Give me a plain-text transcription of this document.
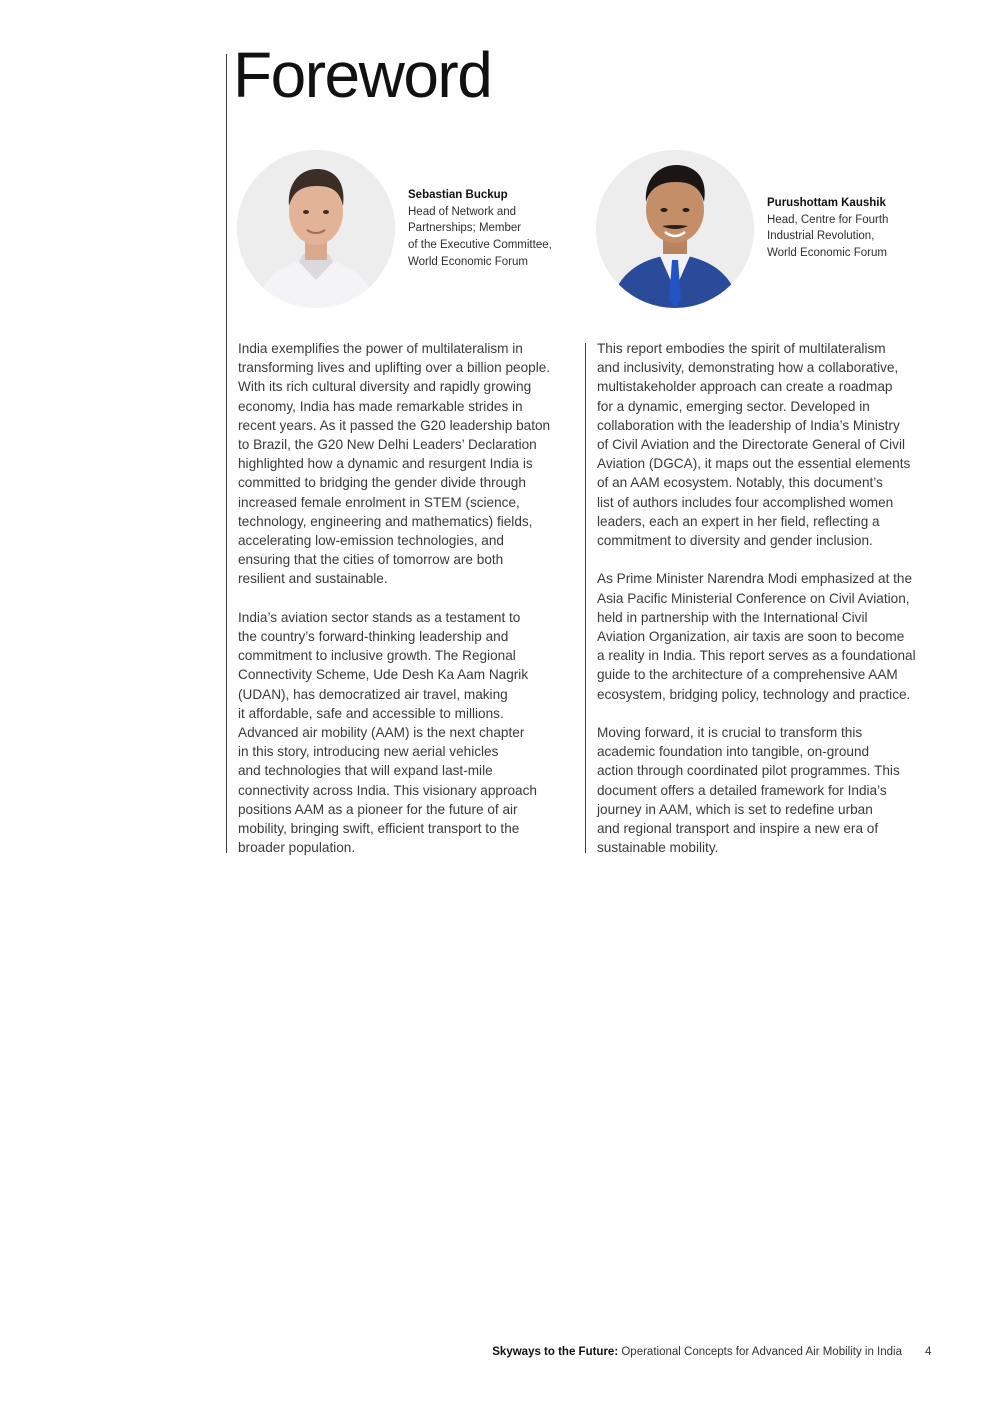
Foreword
Sebastian Buckup
Head of Network and
Partnerships; Member
of the Executive Committee,
World Economic Forum
Purushottam Kaushik
Head, Centre for Fourth
Industrial Revolution,
World Economic Forum

India exemplifies the power of multilateralism in
transforming lives and uplifting over a billion people.
With its rich cultural diversity and rapidly growing
economy, India has made remarkable strides in
recent years. As it passed the G20 leadership baton
to Brazil, the G20 New Delhi Leaders’ Declaration
highlighted how a dynamic and resurgent India is
committed to bridging the gender divide through
increased female enrolment in STEM (science,
technology, engineering and mathematics) fields,
accelerating low-emission technologies, and
ensuring that the cities of tomorrow are both
resilient and sustainable.

India’s aviation sector stands as a testament to
the country’s forward-thinking leadership and
commitment to inclusive growth. The Regional
Connectivity Scheme, Ude Desh Ka Aam Nagrik
(UDAN), has democratized air travel, making
it affordable, safe and accessible to millions.
Advanced air mobility (AAM) is the next chapter
in this story, introducing new aerial vehicles
and technologies that will expand last-mile
connectivity across India. This visionary approach
positions AAM as a pioneer for the future of air
mobility, bringing swift, efficient transport to the
broader population.

This report embodies the spirit of multilateralism
and inclusivity, demonstrating how a collaborative,
multistakeholder approach can create a roadmap
for a dynamic, emerging sector. Developed in
collaboration with the leadership of India’s Ministry
of Civil Aviation and the Directorate General of Civil
Aviation (DGCA), it maps out the essential elements
of an AAM ecosystem. Notably, this document’s
list of authors includes four accomplished women
leaders, each an expert in her field, reflecting a
commitment to diversity and gender inclusion.

As Prime Minister Narendra Modi emphasized at the
Asia Pacific Ministerial Conference on Civil Aviation,
held in partnership with the International Civil
Aviation Organization, air taxis are soon to become
a reality in India. This report serves as a foundational
guide to the architecture of a comprehensive AAM
ecosystem, bridging policy, technology and practice.

Moving forward, it is crucial to transform this
academic foundation into tangible, on-ground
action through coordinated pilot programmes. This
document offers a detailed framework for India’s
journey in AAM, which is set to redefine urban
and regional transport and inspire a new era of
sustainable mobility.

Skyways to the Future: Operational Concepts for Advanced Air Mobility in India 4
